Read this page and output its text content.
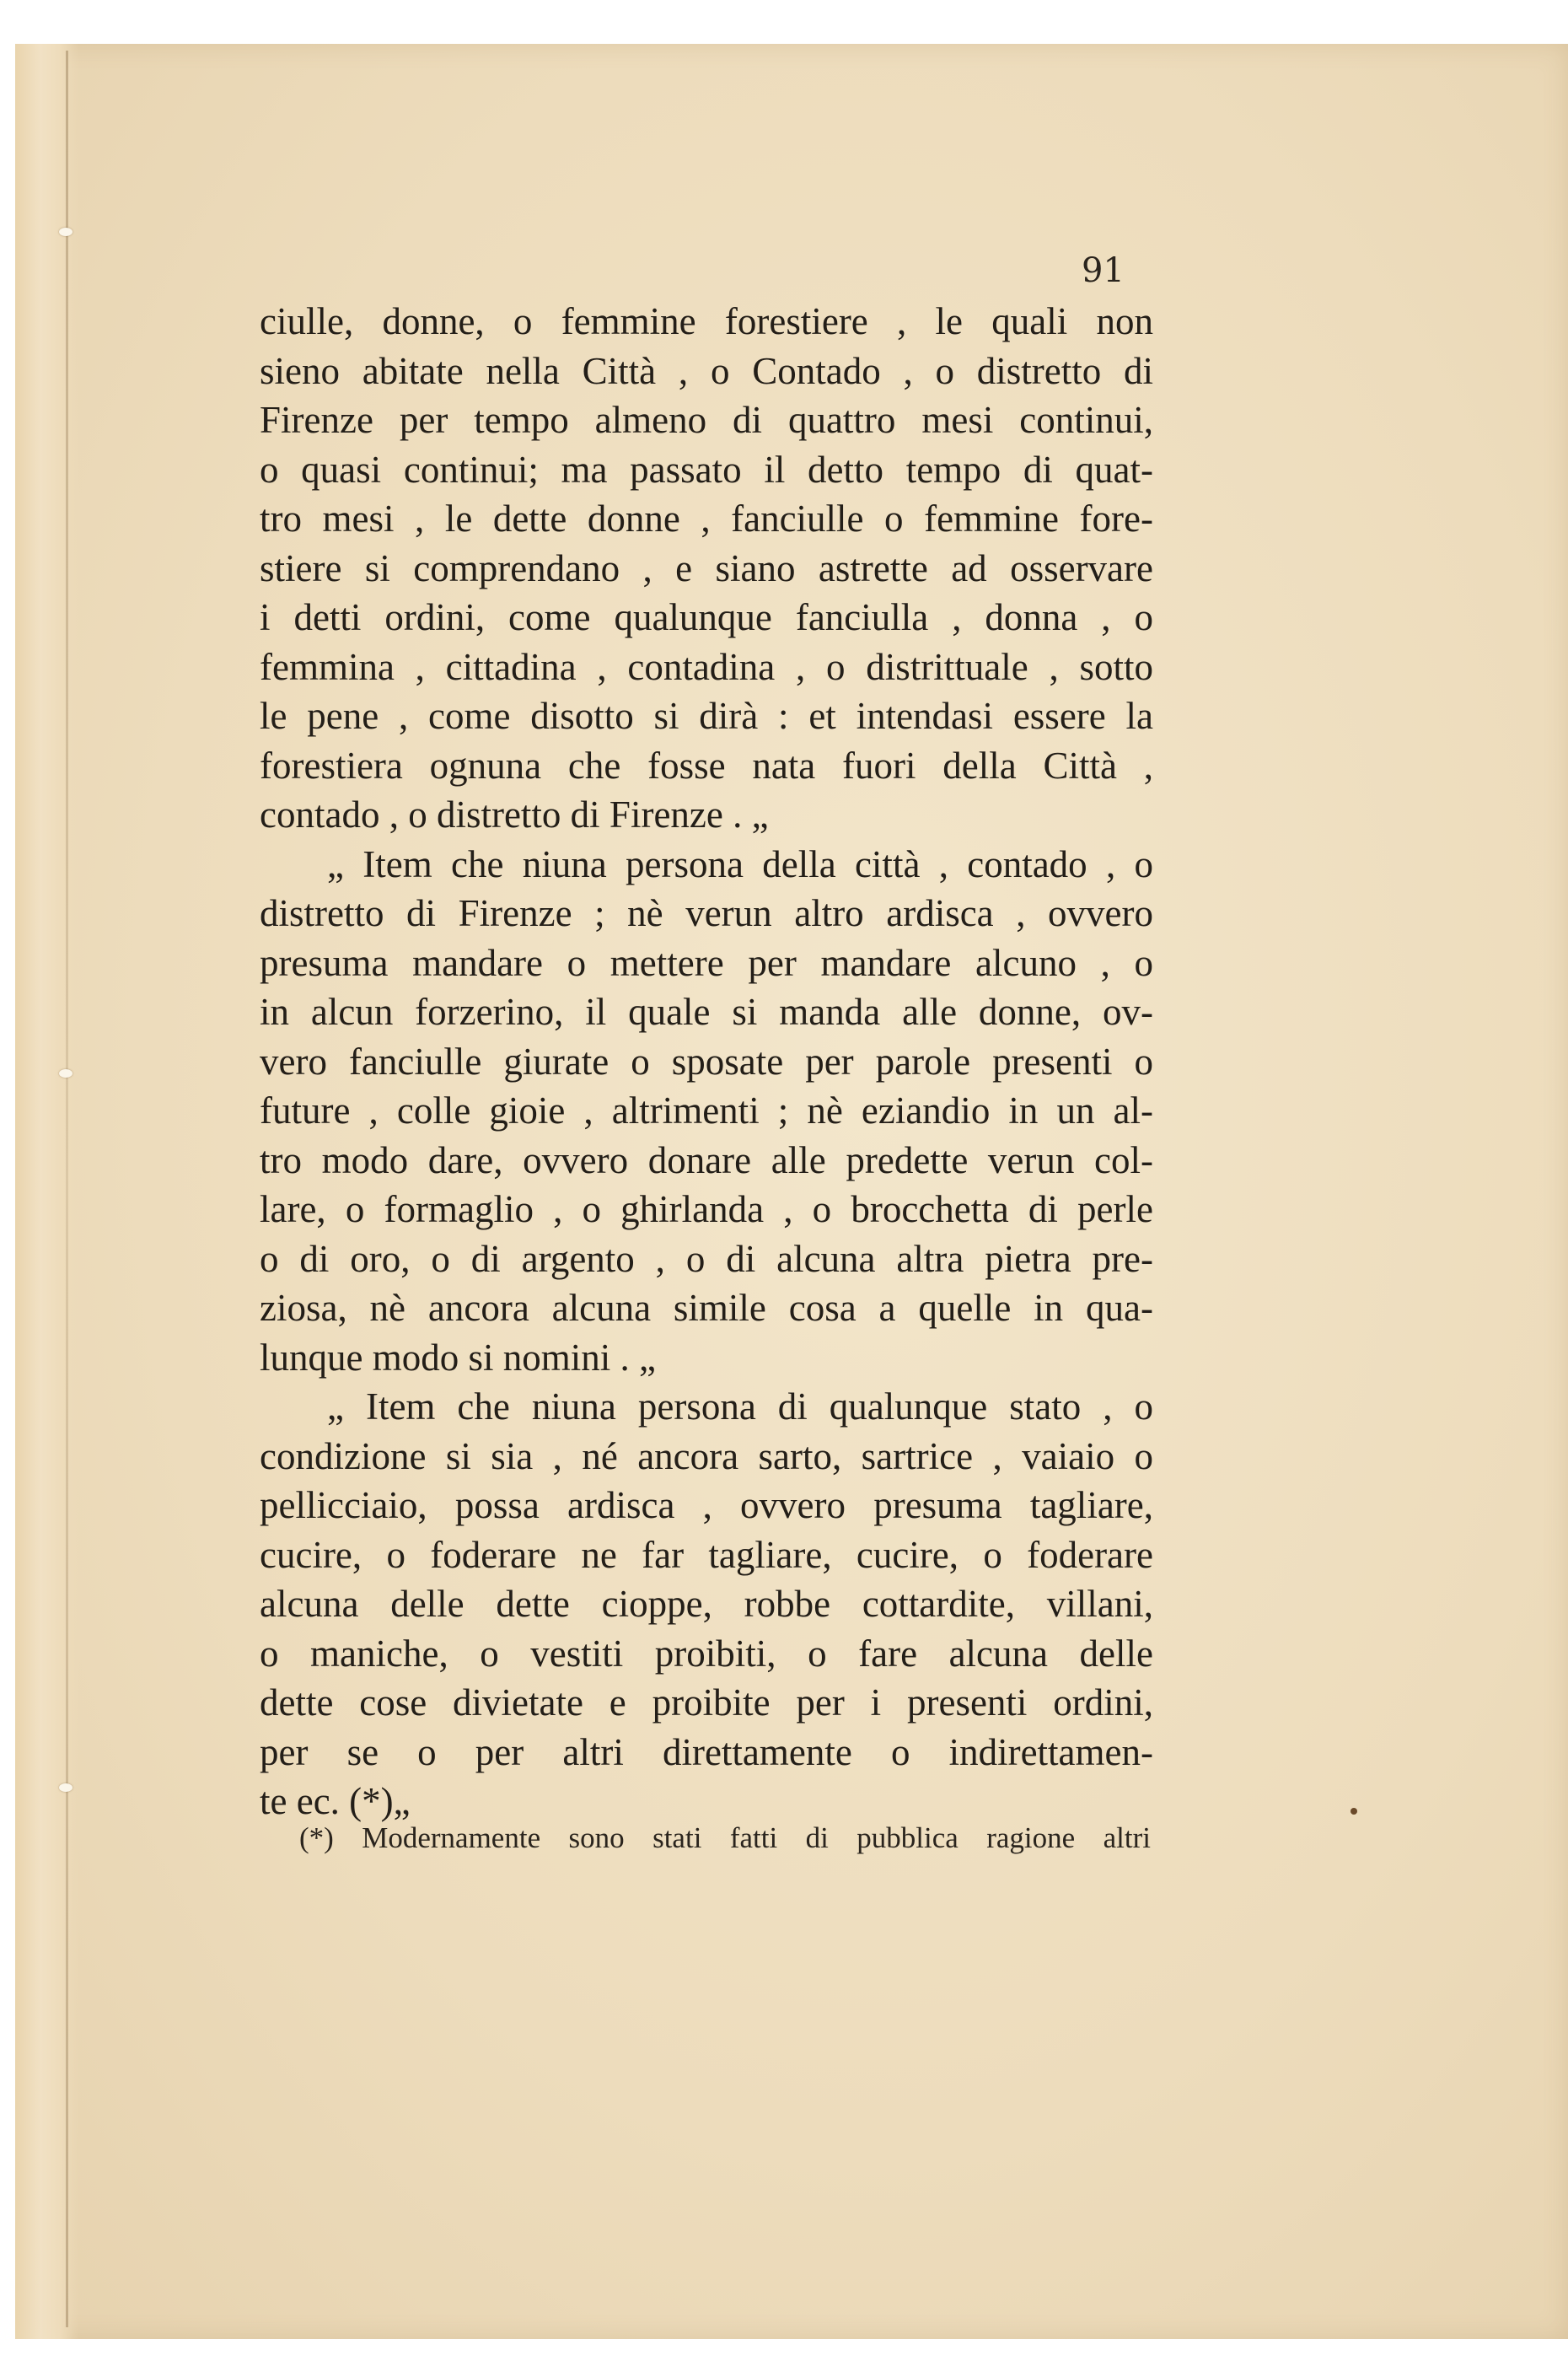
91

ciulle, donne, o femmine forestiere , le quali non
sieno abitate nella Città , o Contado , o distretto di
Firenze per tempo almeno di quattro mesi continui,
o quasi continui; ma passato il detto tempo di quat-
tro mesi , le dette donne , fanciulle o femmine fore-
stiere si comprendano , e siano astrette ad osservare
i detti ordini, come qualunque fanciulla , donna , o
femmina , cittadina , contadina , o distrittuale , sotto
le pene , come disotto si dirà : et intendasi essere la
forestiera ognuna che fosse nata fuori della Città ,
contado , o distretto di Firenze . „
„ Item che niuna persona della città , contado , o
distretto di Firenze ; nè verun altro ardisca , ovvero
presuma mandare o mettere per mandare alcuno , o
in alcun forzerino, il quale si manda alle donne, ov-
vero fanciulle giurate o sposate per parole presenti o
future , colle gioie , altrimenti ; nè eziandio in un al-
tro modo dare, ovvero donare alle predette verun col-
lare, o formaglio , o ghirlanda , o brocchetta di perle
o di oro, o di argento , o di alcuna altra pietra pre-
ziosa, nè ancora alcuna simile cosa a quelle in qua-
lunque modo si nomini . „
„ Item che niuna persona di qualunque stato , o
condizione si sia , né ancora sarto, sartrice , vaiaio o
pellicciaio, possa ardisca , ovvero presuma tagliare,
cucire, o foderare ne far tagliare, cucire, o foderare
alcuna delle dette cioppe, robbe cottardite, villani,
o maniche, o vestiti proibiti, o fare alcuna delle
dette cose divietate e proibite per i presenti ordini,
per se o per altri direttamente o indirettamen-
te ec. (*)„

(*) Modernamente sono stati fatti di pubblica ragione altri
